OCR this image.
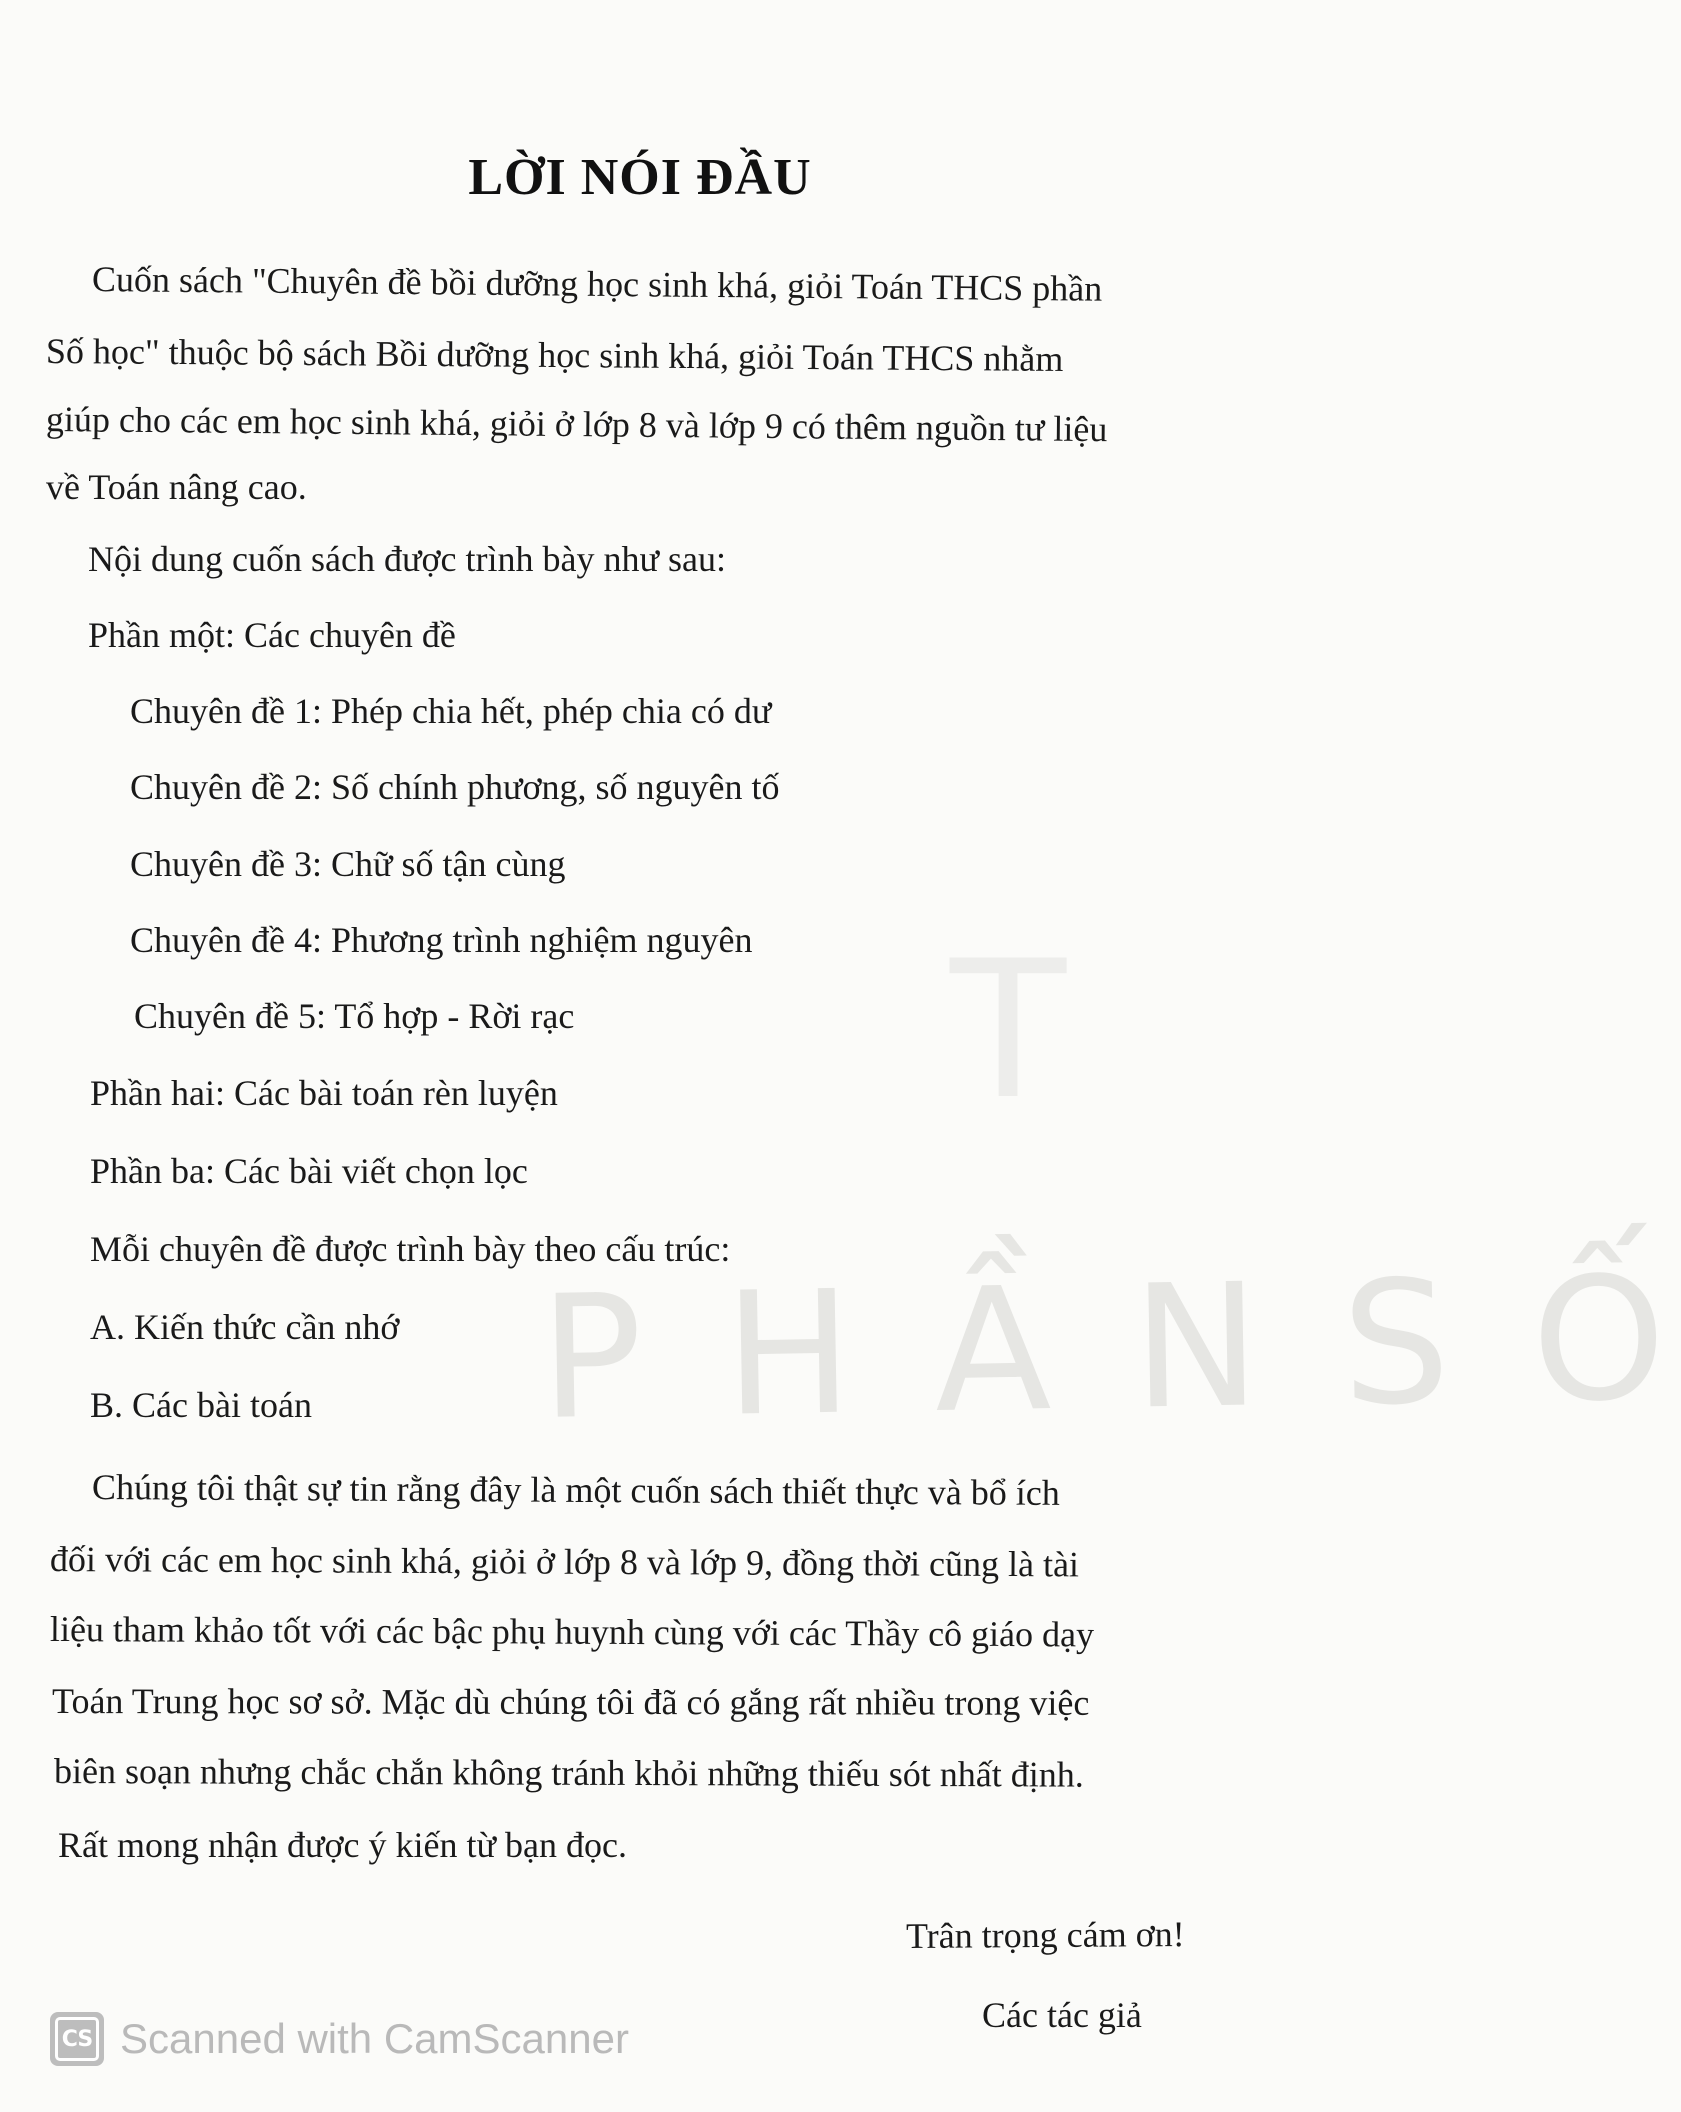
P H Ầ N S Ố
T
LỜI NÓI ĐẦU
Cuốn sách "Chuyên đề bồi dưỡng học sinh khá, giỏi Toán THCS phần
Số học" thuộc bộ sách Bồi dưỡng học sinh khá, giỏi Toán THCS nhằm
giúp cho các em học sinh khá, giỏi ở lớp 8 và lớp 9 có thêm nguồn tư liệu
về Toán nâng cao.
Nội dung cuốn sách được trình bày như sau:
Phần một: Các chuyên đề
Chuyên đề 1: Phép chia hết, phép chia có dư
Chuyên đề 2: Số chính phương, số nguyên tố
Chuyên đề 3: Chữ số tận cùng
Chuyên đề 4: Phương trình nghiệm nguyên
Chuyên đề 5: Tổ hợp - Rời rạc
Phần hai: Các bài toán rèn luyện
Phần ba: Các bài viết chọn lọc
Mỗi chuyên đề được trình bày theo cấu trúc:
A. Kiến thức cần nhớ
B. Các bài toán
Chúng tôi thật sự tin rằng đây là một cuốn sách thiết thực và bổ ích
đối với các em học sinh khá, giỏi ở lớp 8 và lớp 9, đồng thời cũng là tài
liệu tham khảo tốt với các bậc phụ huynh cùng với các Thầy cô giáo dạy
Toán Trung học sơ sở. Mặc dù chúng tôi đã có gắng rất nhiều trong việc
biên soạn nhưng chắc chắn không tránh khỏi những thiếu sót nhất định.
Rất mong nhận được ý kiến từ bạn đọc.
Trân trọng cám ơn!
Các tác giả
CS Scanned with CamScanner
